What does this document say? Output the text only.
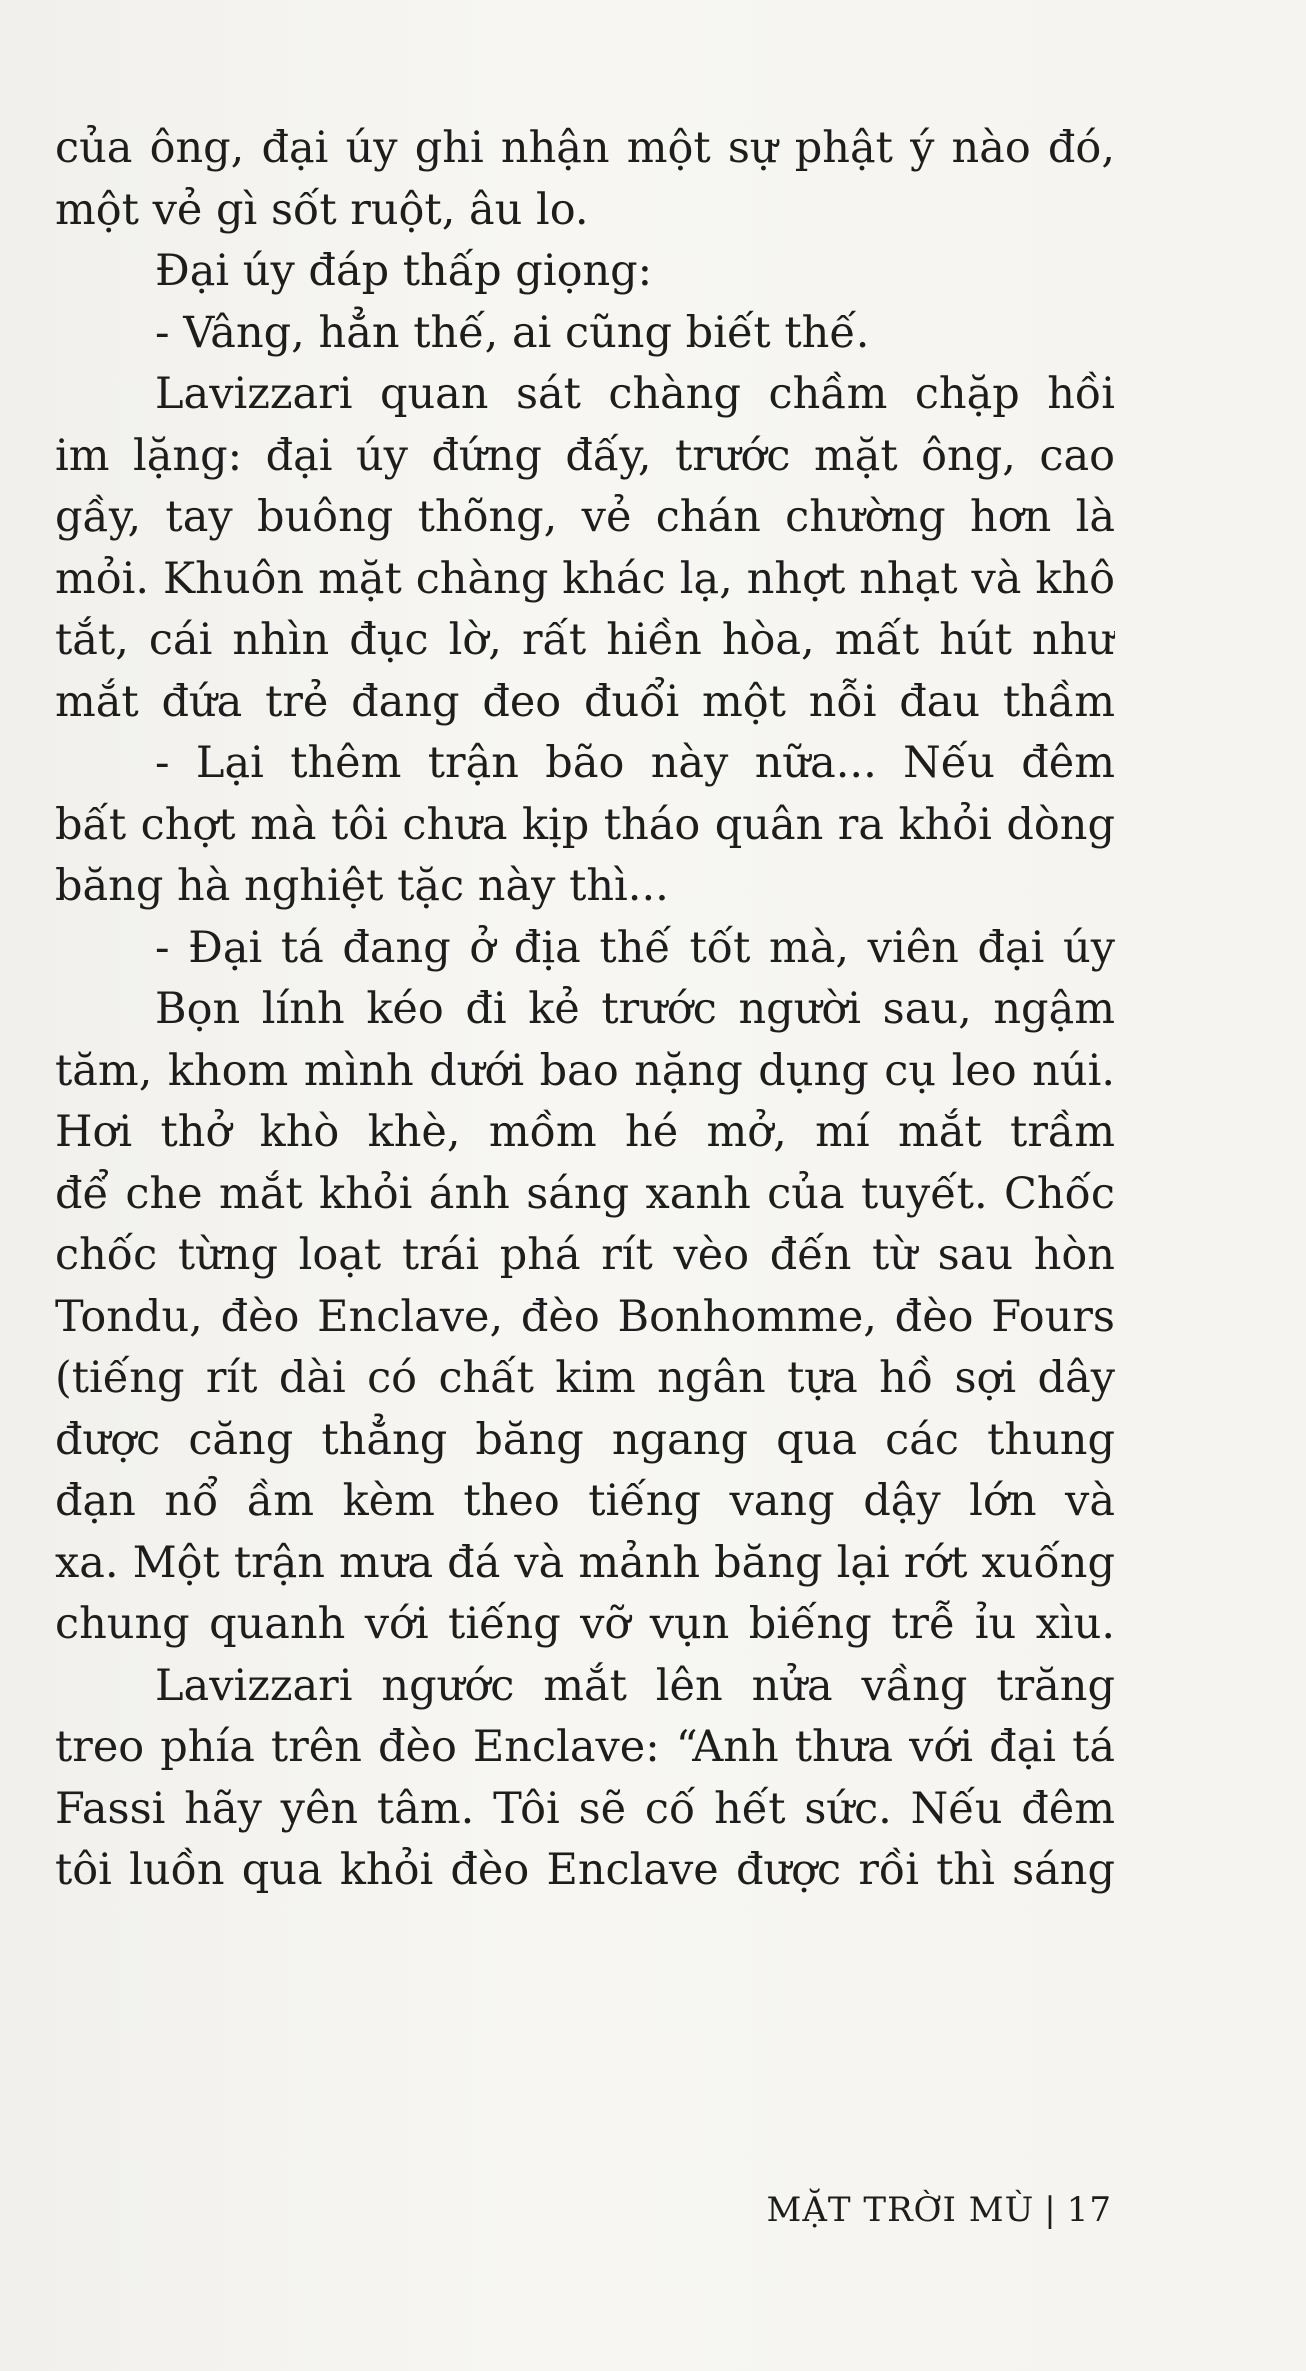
của ông, đại úy ghi nhận một sự phật ý nào đó,
một vẻ gì sốt ruột, âu lo.
Đại úy đáp thấp giọng:
- Vâng, hẳn thế, ai cũng biết thế.
Lavizzari quan sát chàng chầm chặp hồi
im lặng: đại úy đứng đấy, trước mặt ông, cao
gầy, tay buông thõng, vẻ chán chường hơn là
mỏi. Khuôn mặt chàng khác lạ, nhợt nhạt và khô
tắt, cái nhìn đục lờ, rất hiền hòa, mất hút như
mắt đứa trẻ đang đeo đuổi một nỗi đau thầm
- Lại thêm trận bão này nữa... Nếu đêm
bất chợt mà tôi chưa kịp tháo quân ra khỏi dòng
băng hà nghiệt tặc này thì...
- Đại tá đang ở địa thế tốt mà, viên đại úy
Bọn lính kéo đi kẻ trước người sau, ngậm
tăm, khom mình dưới bao nặng dụng cụ leo núi.
Hơi thở khò khè, mồm hé mở, mí mắt trầm
để che mắt khỏi ánh sáng xanh của tuyết. Chốc
chốc từng loạt trái phá rít vèo đến từ sau hòn
Tondu, đèo Enclave, đèo Bonhomme, đèo Fours
(tiếng rít dài có chất kim ngân tựa hồ sợi dây
được căng thẳng băng ngang qua các thung
đạn nổ ầm kèm theo tiếng vang dậy lớn và
xa. Một trận mưa đá và mảnh băng lại rớt xuống
chung quanh với tiếng vỡ vụn biếng trễ ỉu xìu.
Lavizzari ngước mắt lên nửa vầng trăng
treo phía trên đèo Enclave: “Anh thưa với đại tá
Fassi hãy yên tâm. Tôi sẽ cố hết sức. Nếu đêm
tôi luồn qua khỏi đèo Enclave được rồi thì sáng
MẶT TRỜI MÙ | 17
